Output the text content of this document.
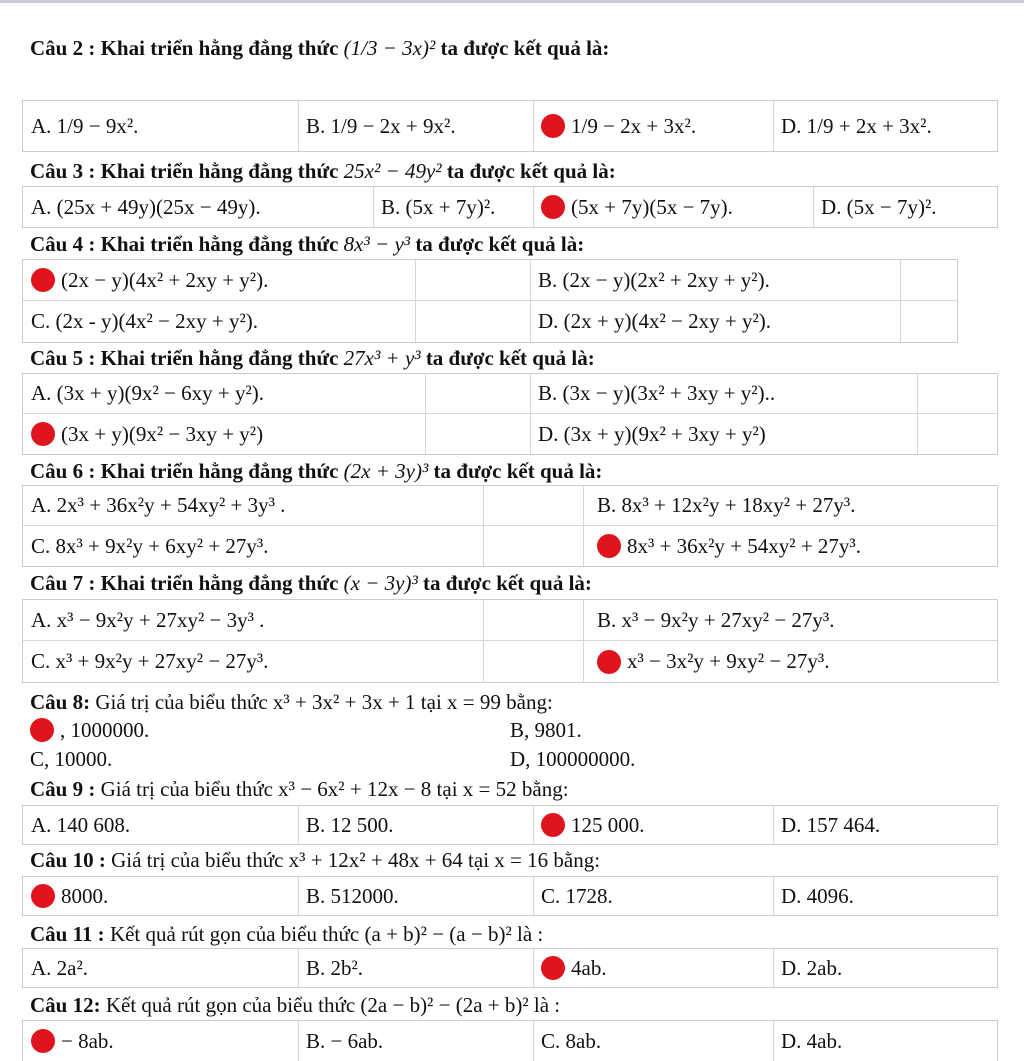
Câu 2 : Khai triển hằng đẳng thức (1/3 − 3x)² ta được kết quả là:
A. 1/9 − 9x².	B. 1/9 − 2x + 9x².	1/9 − 2x + 3x².	D. 1/9 + 2x + 3x².
Câu 3 : Khai triển hằng đẳng thức 25x² − 49y² ta được kết quả là:
A. (25x + 49y)(25x − 49y).	B. (5x + 7y)².	(5x + 7y)(5x − 7y).	D. (5x − 7y)².
Câu 4 : Khai triển hằng đẳng thức 8x³ − y³ ta được kết quả là:
(2x − y)(4x² + 2xy + y²).	B. (2x − y)(2x² + 2xy + y²).
C. (2x - y)(4x² − 2xy + y²).	D. (2x + y)(4x² − 2xy + y²).
Câu 5 : Khai triển hằng đẳng thức 27x³ + y³ ta được kết quả là:
A. (3x + y)(9x² − 6xy + y²).	B. (3x − y)(3x² + 3xy + y²)..
(3x + y)(9x² − 3xy + y²)	D. (3x + y)(9x² + 3xy + y²)
Câu 6 : Khai triển hằng đẳng thức (2x + 3y)³ ta được kết quả là:
A. 2x³ + 36x²y + 54xy² + 3y³ .	B. 8x³ + 12x²y + 18xy² + 27y³.
C. 8x³ + 9x²y + 6xy² + 27y³.	8x³ + 36x²y + 54xy² + 27y³.
Câu 7 : Khai triển hằng đẳng thức (x − 3y)³ ta được kết quả là:
A. x³ − 9x²y + 27xy² − 3y³ .	B. x³ − 9x²y + 27xy² − 27y³.
C. x³ + 9x²y + 27xy² − 27y³.	x³ − 3x²y + 9xy² − 27y³.
Câu 8: Giá trị của biểu thức x³ + 3x² + 3x + 1 tại x = 99 bằng:
, 1000000.	B, 9801.
C, 10000.	D, 100000000.
Câu 9 : Giá trị của biểu thức x³ − 6x² + 12x − 8 tại x = 52 bằng:
A. 140 608.	B. 12 500.	125 000.	D. 157 464.
Câu 10 : Giá trị của biểu thức x³ + 12x² + 48x + 64 tại x = 16 bằng:
8000.	B. 512000.	C. 1728.	D. 4096.
Câu 11 : Kết quả rút gọn của biểu thức (a + b)² − (a − b)² là :
A. 2a².	B. 2b².	4ab.	D. 2ab.
Câu 12: Kết quả rút gọn của biểu thức (2a − b)² − (2a + b)² là :
− 8ab.	B. − 6ab.	C. 8ab.	D. 4ab.
